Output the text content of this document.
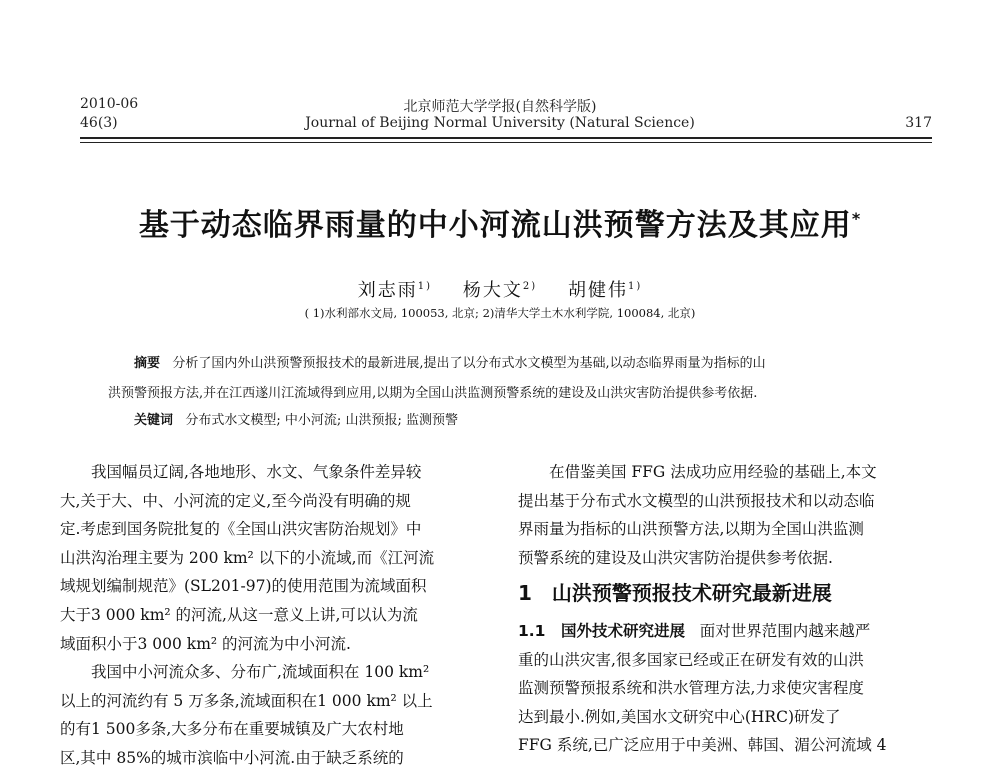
2010-06
46(3)
北京师范大学学报(自然科学版)
Journal of Beijing Normal University (Natural Science)	317
基于动态临界雨量的中小河流山洪预警方法及其应用*
刘志雨$^{1)}$ 杨大文$^{2)}$ 胡健伟$^{1)}$
( 1)水利部水文局, 100053, 北京; 2)清华大学土木水利学院, 100084, 北京)
摘要 分析了国内外山洪预警预报技术的最新进展,提出了以分布式水文模型为基础,以动态临界雨量为指标的山
洪预警预报方法,并在江西遂川江流域得到应用,以期为全国山洪监测预警系统的建设及山洪灾害防治提供参考依据.
关键词 分布式水文模型; 中小河流; 山洪预报; 监测预警

我国幅员辽阔,各地地形、水文、气象条件差异较

大,关于大、中、小河流的定义,至今尚没有明确的规

定.考虑到国务院批复的《全国山洪灾害防治规划》中

山洪沟治理主要为 200 km² 以下的小流域,而《江河流

域规划编制规范》(SL201-97)的使用范围为流域面积

大于3 000 km² 的河流,从这一意义上讲,可以认为流

域面积小于3 000 km² 的河流为中小河流.

我国中小河流众多、分布广,流域面积在 100 km²

以上的河流约有 5 万多条,流域面积在1 000 km² 以上

的有1 500多条,大多分布在重要城镇及广大农村地

区,其中 85%的城市滨临中小河流.由于缺乏系统的

在借鉴美国 FFG 法成功应用经验的基础上,本文

提出基于分布式水文模型的山洪预报技术和以动态临

界雨量为指标的山洪预警方法,以期为全国山洪监测

预警系统的建设及山洪灾害防治提供参考依据.

1　山洪预警预报技术研究最新进展

1.1　国外技术研究进展 面对世界范围内越来越严

重的山洪灾害,很多国家已经或正在研发有效的山洪

监测预警预报系统和洪水管理方法,力求使灾害程度

达到最小.例如,美国水文研究中心(HRC)研发了

FFG 系统,已广泛应用于中美洲、韩国、湄公河流域 4
